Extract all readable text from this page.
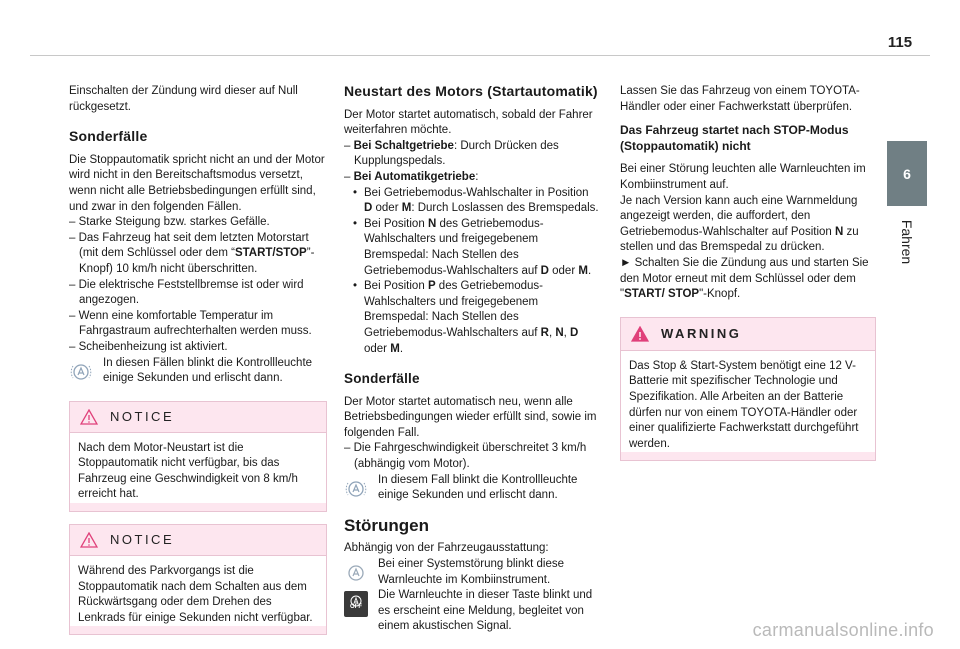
115
6
Fahren

Einschalten der Zündung wird dieser auf Null rückgesetzt.

Sonderfälle

Die Stoppautomatik spricht nicht an und der Motor wird nicht in den Bereitschaftsmodus versetzt, wenn nicht alle Betriebsbedingungen erfüllt sind, und zwar in den folgenden Fällen.

– Starke Steigung bzw. starkes Gefälle.

– Das Fahrzeug hat seit dem letzten Motorstart (mit dem Schlüssel oder dem “START/STOP”-Knopf) 10 km/h nicht überschritten.

– Die elektrische Feststellbremse ist oder wird angezogen.

– Wenn eine komfortable Temperatur im Fahrgastraum aufrechterhalten werden muss.

– Scheibenheizung ist aktiviert.

In diesen Fällen blinkt die Kontrollleuchte einige Sekunden und erlischt dann.

NOTICE

Nach dem Motor-Neustart ist die Stoppautomatik nicht verfügbar, bis das Fahrzeug eine Geschwindigkeit von 8 km/h erreicht hat.

NOTICE

Während des Parkvorgangs ist die Stoppautomatik nach dem Schalten aus dem Rückwärtsgang oder dem Drehen des Lenkrads für einige Sekunden nicht verfügbar.

Neustart des Motors (Startautomatik)

Der Motor startet automatisch, sobald der Fahrer weiterfahren möchte.

– Bei Schaltgetriebe: Durch Drücken des Kupplungspedals.

– Bei Automatikgetriebe:

• Bei Getriebemodus-Wahlschalter in Position D oder M: Durch Loslassen des Bremspedals.

• Bei Position N des Getriebemodus-Wahlschalters und freigegebenem Bremspedal: Nach Stellen des Getriebemodus-Wahlschalters auf D oder M.

• Bei Position P des Getriebemodus-Wahlschalters und freigegebenem Bremspedal: Nach Stellen des Getriebemodus-Wahlschalters auf R, N, D oder M.

Sonderfälle

Der Motor startet automatisch neu, wenn alle Betriebsbedingungen wieder erfüllt sind, sowie im folgenden Fall.

– Die Fahrgeschwindigkeit überschreitet 3 km/h (abhängig vom Motor).

In diesem Fall blinkt die Kontrollleuchte einige Sekunden und erlischt dann.

Störungen

Abhängig von der Fahrzeugausstattung:

Bei einer Systemstörung blinkt diese Warnleuchte im Kombiinstrument.

OFF

Die Warnleuchte in dieser Taste blinkt und es erscheint eine Meldung, begleitet von einem akustischen Signal.

Lassen Sie das Fahrzeug von einem TOYOTA-Händler oder einer Fachwerkstatt überprüfen.

Das Fahrzeug startet nach STOP-Modus (Stoppautomatik) nicht

Bei einer Störung leuchten alle Warnleuchten im Kombiinstrument auf.

Je nach Version kann auch eine Warnmeldung angezeigt werden, die auffordert, den Getriebemodus-Wahlschalter auf Position N zu stellen und das Bremspedal zu drücken.

► Schalten Sie die Zündung aus und starten Sie den Motor erneut mit dem Schlüssel oder dem "START/ STOP"-Knopf.

WARNING

Das Stop & Start-System benötigt eine 12 V-Batterie mit spezifischer Technologie und Spezifikation. Alle Arbeiten an der Batterie dürfen nur von einem TOYOTA-Händler oder einer qualifizierte Fachwerkstatt durchgeführt werden.

carmanualsonline.info
